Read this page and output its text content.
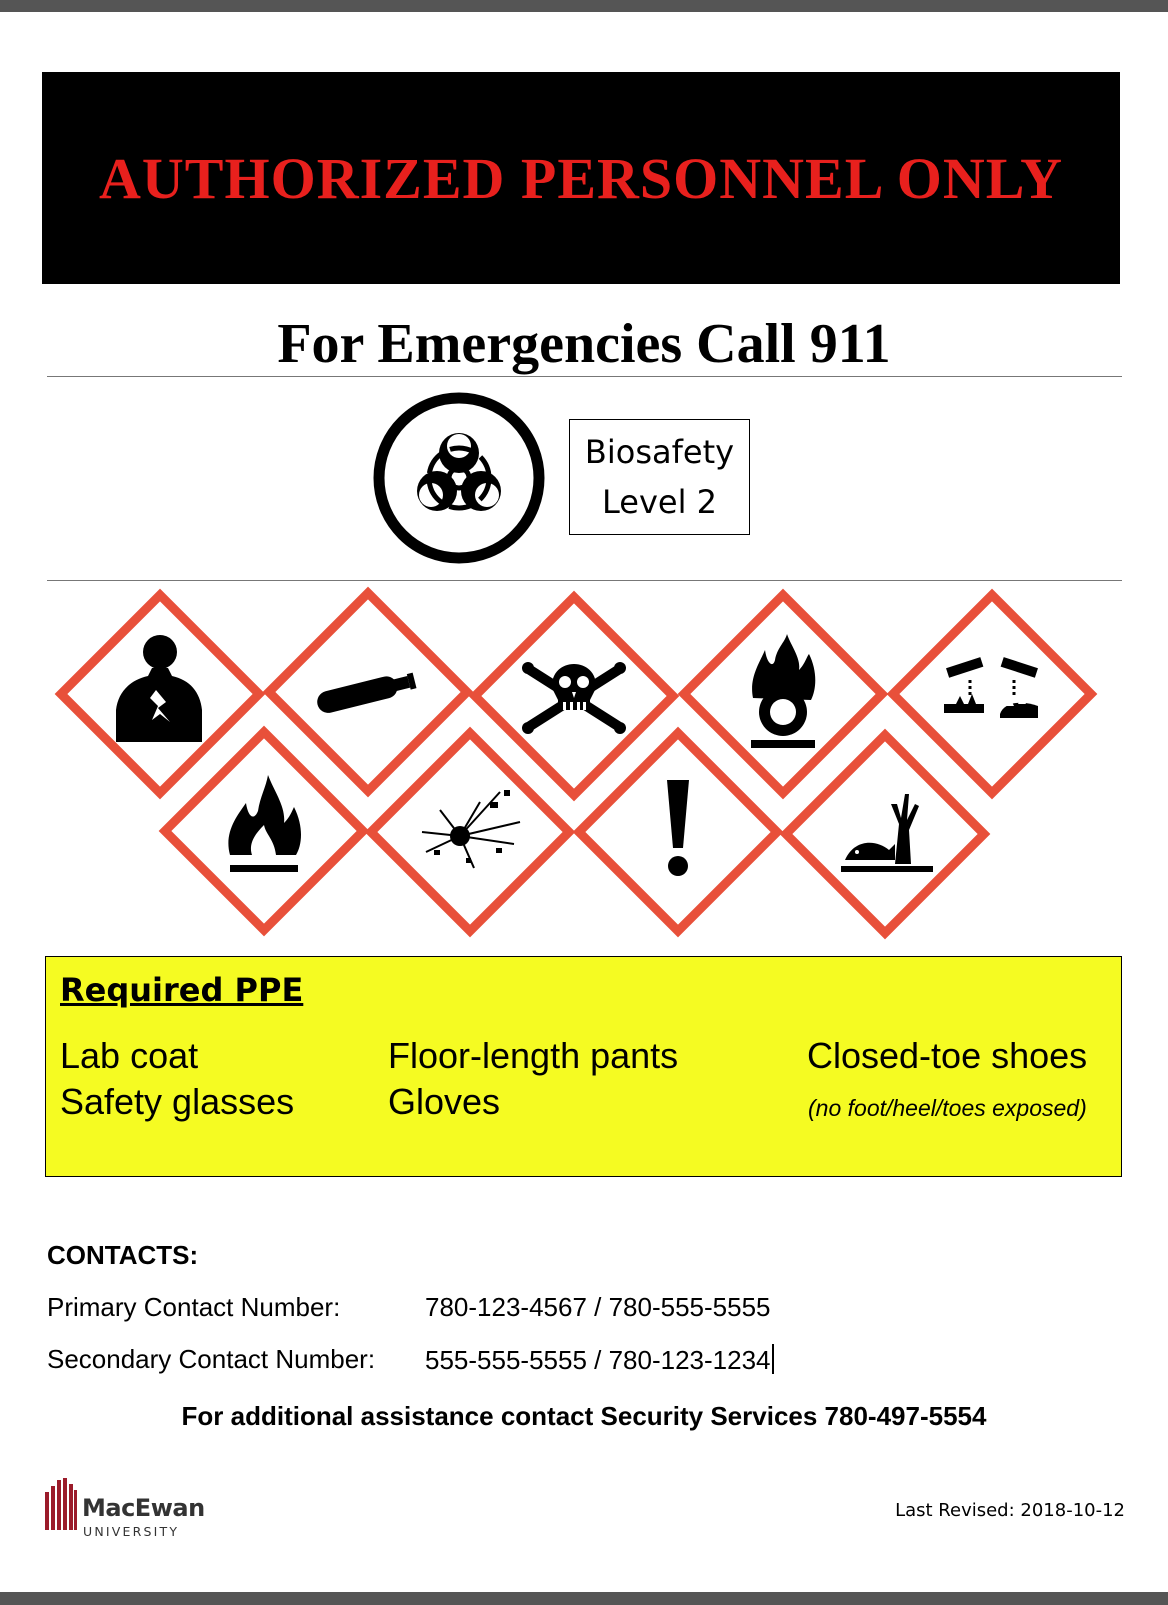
AUTHORIZED PERSONNEL ONLY
For Emergencies Call 911
Biosafety
Level 2
Required PPE
Lab coat
Safety glasses
Floor-length pants
Gloves
Closed-toe shoes
(no foot/heel/toes exposed)
CONTACTS:
Primary Contact Number:	780-123-4567 / 780-555-5555
Secondary Contact Number: 555-555-5555 / 780-123-1234
For additional assistance contact Security Services 780-497-5554
MacEwan
UNIVERSITY
Last Revised: 2018-10-12
